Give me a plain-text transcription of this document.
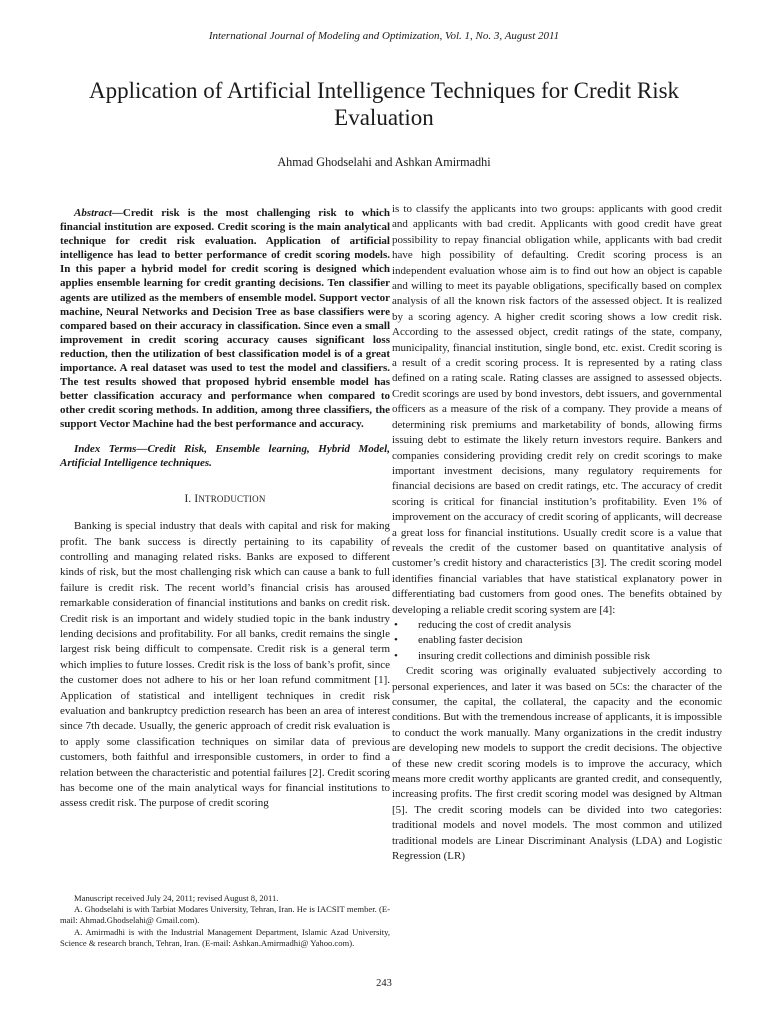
International Journal of Modeling and Optimization, Vol. 1, No. 3, August 2011
Application of Artificial Intelligence Techniques for Credit Risk Evaluation
Ahmad Ghodselahi and Ashkan Amirmadhi

Abstract—Credit risk is the most challenging risk to which financial institution are exposed. Credit scoring is the main analytical technique for credit risk evaluation. Application of artificial intelligence has lead to better performance of credit scoring models. In this paper a hybrid model for credit scoring is designed which applies ensemble learning for credit granting decisions. Ten classifier agents are utilized as the members of ensemble model. Support vector machine, Neural Networks and Decision Tree as base classifiers were compared based on their accuracy in classification. Since even a small improvement in credit scoring accuracy causes significant loss reduction, then the utilization of best classification model is of a great importance. A real dataset was used to test the model and classifiers. The test results showed that proposed hybrid ensemble model has better classification accuracy and performance when compared to other credit scoring methods. In addition, among three classifiers, the support Vector Machine had the best performance and accuracy.

Index Terms—Credit Risk, Ensemble learning, Hybrid Model, Artificial Intelligence techniques.

I. INTRODUCTION

Banking is special industry that deals with capital and risk for making profit. The bank success is directly pertaining to its capability of controlling and managing related risks. Banks are exposed to different kinds of risk, but the most challenging risk which can cause a bank to full failure is credit risk. The recent world’s financial crisis has aroused remarkable consideration of financial institutions and banks on credit risk. Credit risk is an important and widely studied topic in the bank industry lending decisions and profitability. For all banks, credit remains the single largest risk being difficult to compensate. Credit risk is a general term which implies to future losses. Credit risk is the loss of bank’s profit, since the customer does not adhere to his or her loan refund commitment [1]. Application of statistical and intelligent techniques in credit risk evaluation and bankruptcy prediction research has been an area of interest since 7th decade. Usually, the generic approach of credit risk evaluation is to apply some classification techniques on similar data of previous customers, both faithful and irresponsible customers, in order to find a relation between the characteristic and potential failures [2]. Credit scoring has become one of the main analytical ways for financial institutions to assess credit risk. The purpose of credit scoring

is to classify the applicants into two groups: applicants with good credit and applicants with bad credit. Applicants with good credit have great possibility to repay financial obligation while, applicants with bad credit have high possibility of defaulting. Credit scoring process is an independent evaluation whose aim is to find out how an object is capable and willing to meet its payable obligations, specifically based on complex analysis of all the known risk factors of the assessed object. It is realized by a scoring agency. A higher credit scoring shows a low credit risk. According to the assessed object, credit ratings of the state, company, municipality, financial institution, single bond, etc. exist. Credit scoring is a result of a credit scoring process. It is represented by a rating class defined on a rating scale. Rating classes are assigned to assessed objects. Credit scorings are used by bond investors, debt issuers, and governmental officers as a measure of the risk of a company. They provide a means of determining risk premiums and marketability of bonds, allowing firms issuing debt to estimate the likely return investors require. Bankers and companies considering providing credit rely on credit scorings to make important investment decisions, many regulatory requirements for financial decisions are based on credit ratings, etc. The accuracy of credit scoring is critical for financial institution’s profitability. Even 1% of improvement on the accuracy of credit scoring of applicants, will decrease a great loss for financial institutions. Usually credit score is a value that reveals the credit of the customer based on quantitative analysis of customer’s credit history and characteristics [3]. The credit scoring model identifies financial variables that have statistical explanatory power in differentiating bad customers from good ones. The benefits obtained by developing a reliable credit scoring system are [4]:

• reducing the cost of credit analysis
• enabling faster decision
• insuring credit collections and diminish possible risk

Credit scoring was originally evaluated subjectively according to personal experiences, and later it was based on 5Cs: the character of the consumer, the capital, the collateral, the capacity and the economic conditions. But with the tremendous increase of applicants, it is impossible to conduct the work manually. Many organizations in the credit industry are developing new models to support the credit decisions. The objective of these new credit scoring models is to improve the accuracy, which means more credit worthy applicants are granted credit, and consequently, increasing profits. The first credit scoring model was designed by Altman [5]. The credit scoring models can be divided into two categories: traditional models and novel models. The most common and utilized traditional models are Linear Discriminant Analysis (LDA) and Logistic Regression (LR)

Manuscript received July 24, 2011; revised August 8, 2011.

A. Ghodselahi is with Tarbiat Modares University, Tehran, Iran. He is IACSIT member. (E-mail: Ahmad.Ghodselahi@ Gmail.com).

A. Amirmadhi is with the Industrial Management Department, Islamic Azad University, Science & research branch, Tehran, Iran. (E-mail: Ashkan.Amirmadhi@ Yahoo.com).

243
